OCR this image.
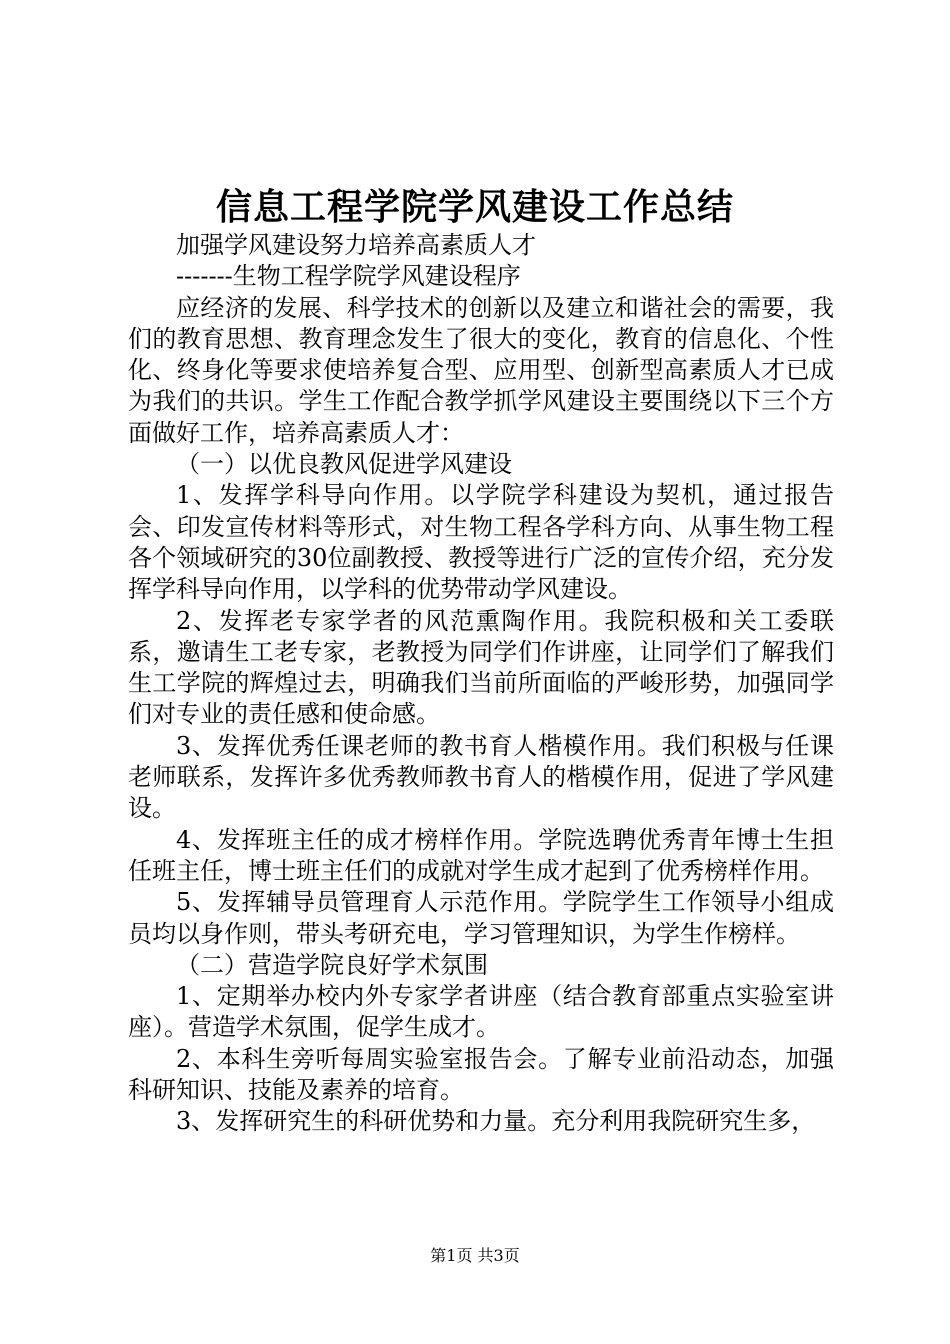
信息工程学院学风建设工作总结

加强学风建设努力培养高素质人才

-------生物工程学院学风建设程序

应经济的发展、科学技术的创新以及建立和谐社会的需要，我们的教育思想、教育理念发生了很大的变化，教育的信息化、个性化、终身化等要求使培养复合型、应用型、创新型高素质人才已成为我们的共识。学生工作配合教学抓学风建设主要围绕以下三个方面做好工作，培养高素质人才：

（一）以优良教风促进学风建设

1、发挥学科导向作用。以学院学科建设为契机，通过报告会、印发宣传材料等形式，对生物工程各学科方向、从事生物工程各个领域研究的30位副教授、教授等进行广泛的宣传介绍，充分发挥学科导向作用，以学科的优势带动学风建设。

2、发挥老专家学者的风范熏陶作用。我院积极和关工委联系，邀请生工老专家，老教授为同学们作讲座，让同学们了解我们生工学院的辉煌过去，明确我们当前所面临的严峻形势，加强同学们对专业的责任感和使命感。

3、发挥优秀任课老师的教书育人楷模作用。我们积极与任课老师联系，发挥许多优秀教师教书育人的楷模作用，促进了学风建设。

4、发挥班主任的成才榜样作用。学院选聘优秀青年博士生担任班主任，博士班主任们的成就对学生成才起到了优秀榜样作用。

5、发挥辅导员管理育人示范作用。学院学生工作领导小组成员均以身作则，带头考研充电，学习管理知识，为学生作榜样。

（二）营造学院良好学术氛围

1、定期举办校内外专家学者讲座（结合教育部重点实验室讲座）。营造学术氛围，促学生成才。

2、本科生旁听每周实验室报告会。了解专业前沿动态，加强科研知识、技能及素养的培育。

3、发挥研究生的科研优势和力量。充分利用我院研究生多，

第1页 共3页
